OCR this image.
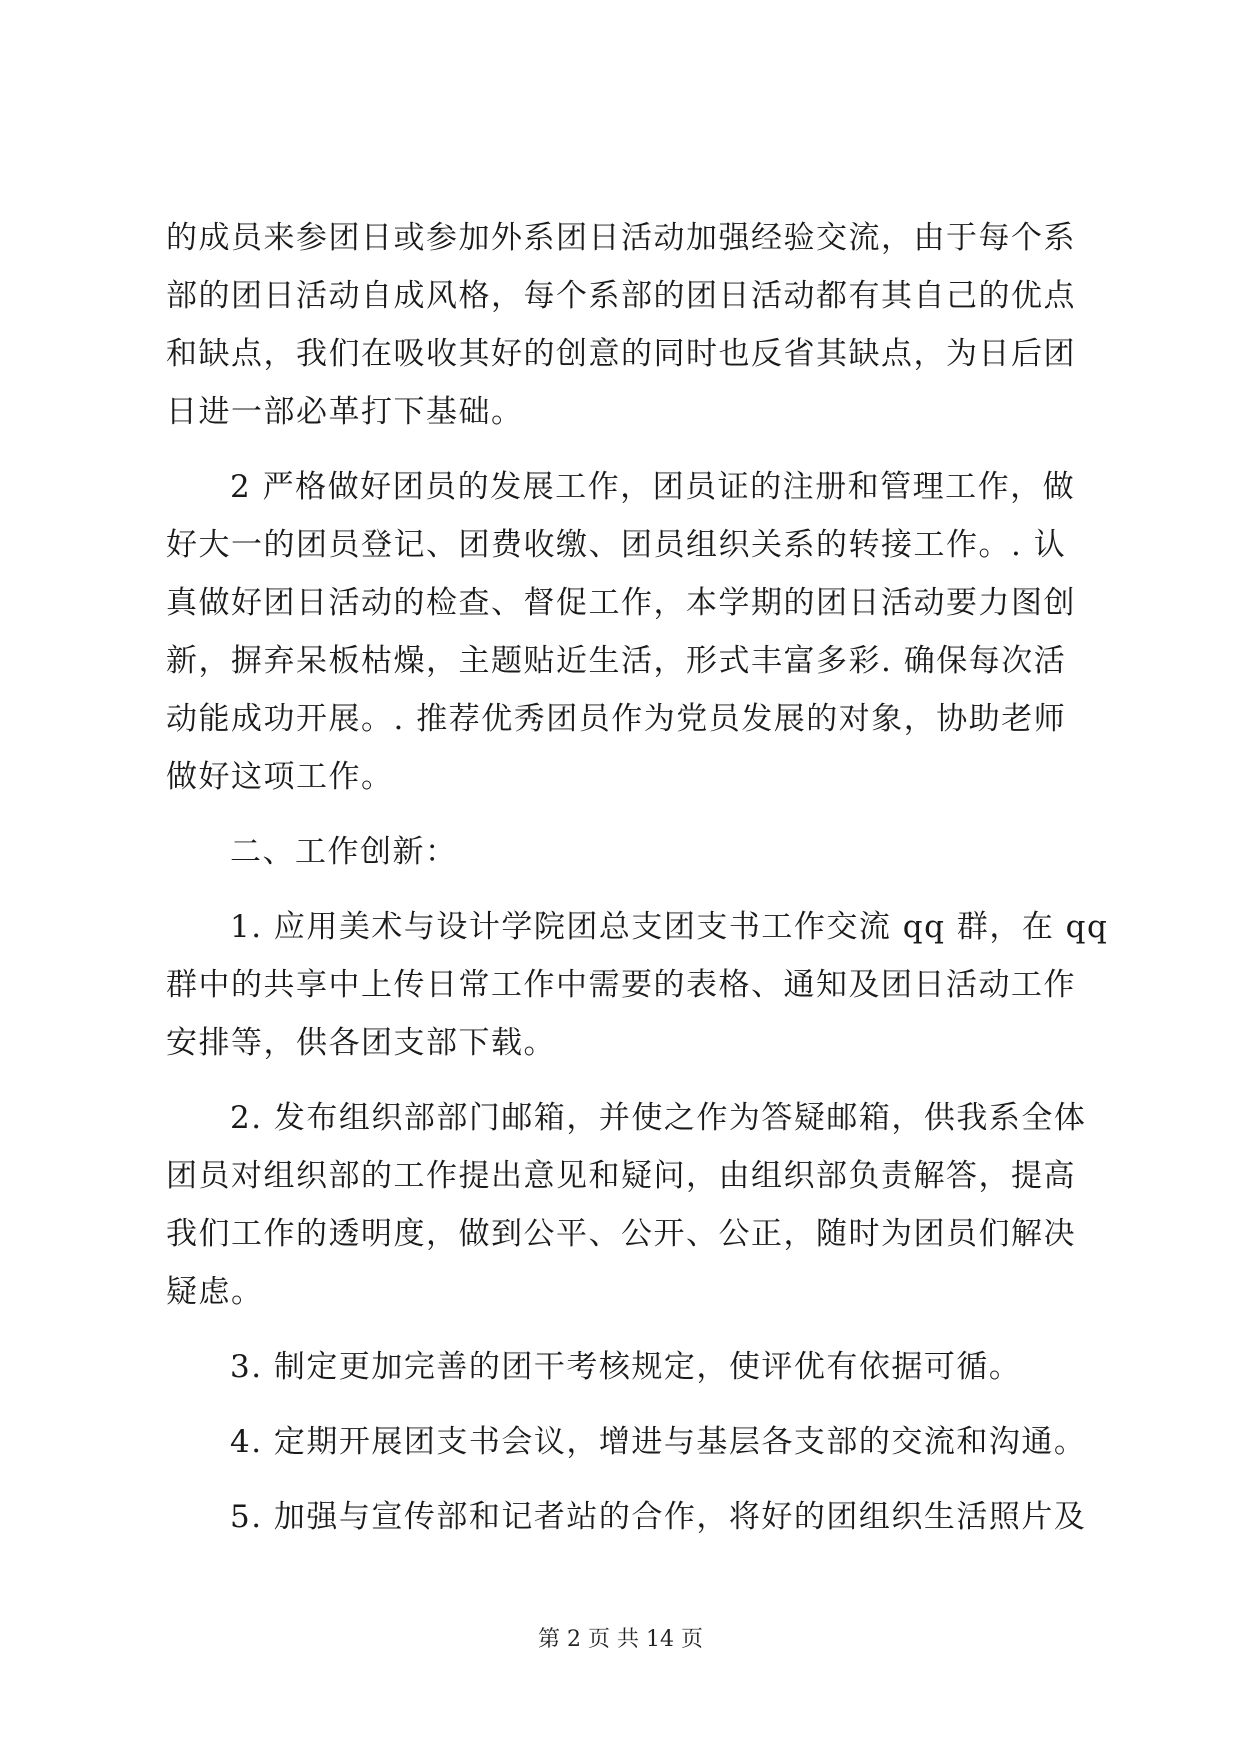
的成员来参团日或参加外系团日活动加强经验交流，由于每个系
部的团日活动自成风格，每个系部的团日活动都有其自己的优点
和缺点，我们在吸收其好的创意的同时也反省其缺点，为日后团
日进一部必革打下基础。
2 严格做好团员的发展工作，团员证的注册和管理工作，做
好大一的团员登记、团费收缴、团员组织关系的转接工作。. 认
真做好团日活动的检查、督促工作，本学期的团日活动要力图创
新，摒弃呆板枯燥，主题贴近生活，形式丰富多彩. 确保每次活
动能成功开展。. 推荐优秀团员作为党员发展的对象，协助老师
做好这项工作。
二、工作创新：
1. 应用美术与设计学院团总支团支书工作交流 qq 群，在 qq
群中的共享中上传日常工作中需要的表格、通知及团日活动工作
安排等，供各团支部下载。
2. 发布组织部部门邮箱，并使之作为答疑邮箱，供我系全体
团员对组织部的工作提出意见和疑问，由组织部负责解答，提高
我们工作的透明度，做到公平、公开、公正，随时为团员们解决
疑虑。
3. 制定更加完善的团干考核规定，使评优有依据可循。
4. 定期开展团支书会议，增进与基层各支部的交流和沟通。
5. 加强与宣传部和记者站的合作，将好的团组织生活照片及
第 2 页 共 14 页
